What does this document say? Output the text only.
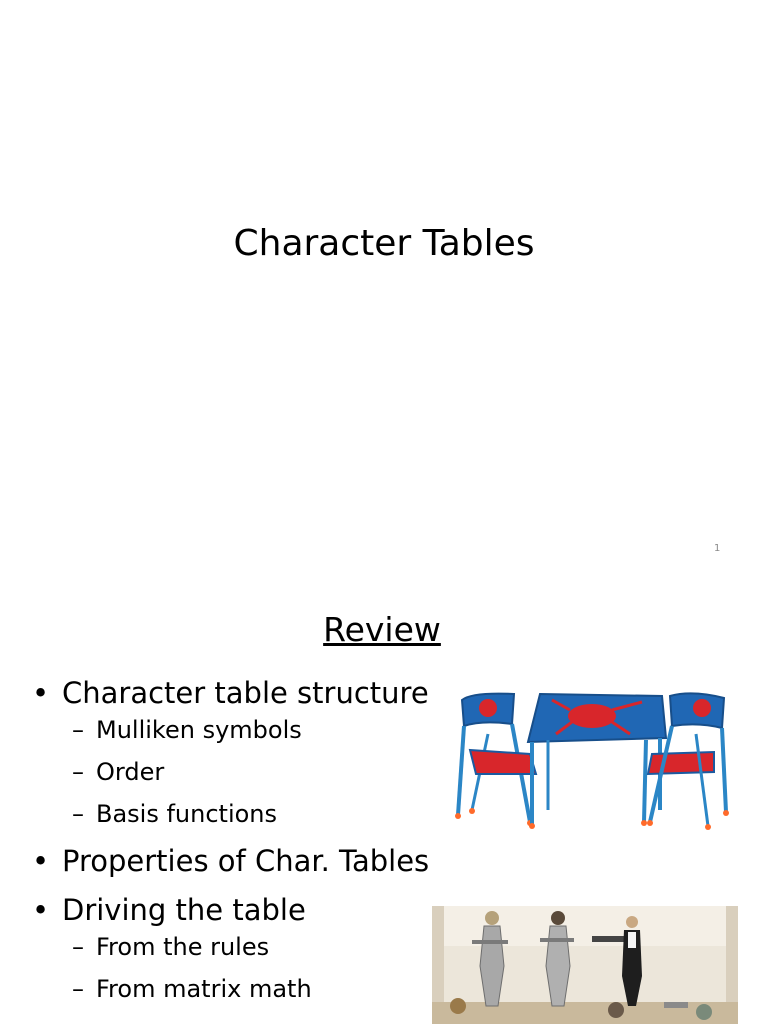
Character Tables
1
Review
• Character table structure
– Mulliken symbols
– Order
– Basis functions
• Properties of Char. Tables
• Driving the table
– From the rules
– From matrix math
